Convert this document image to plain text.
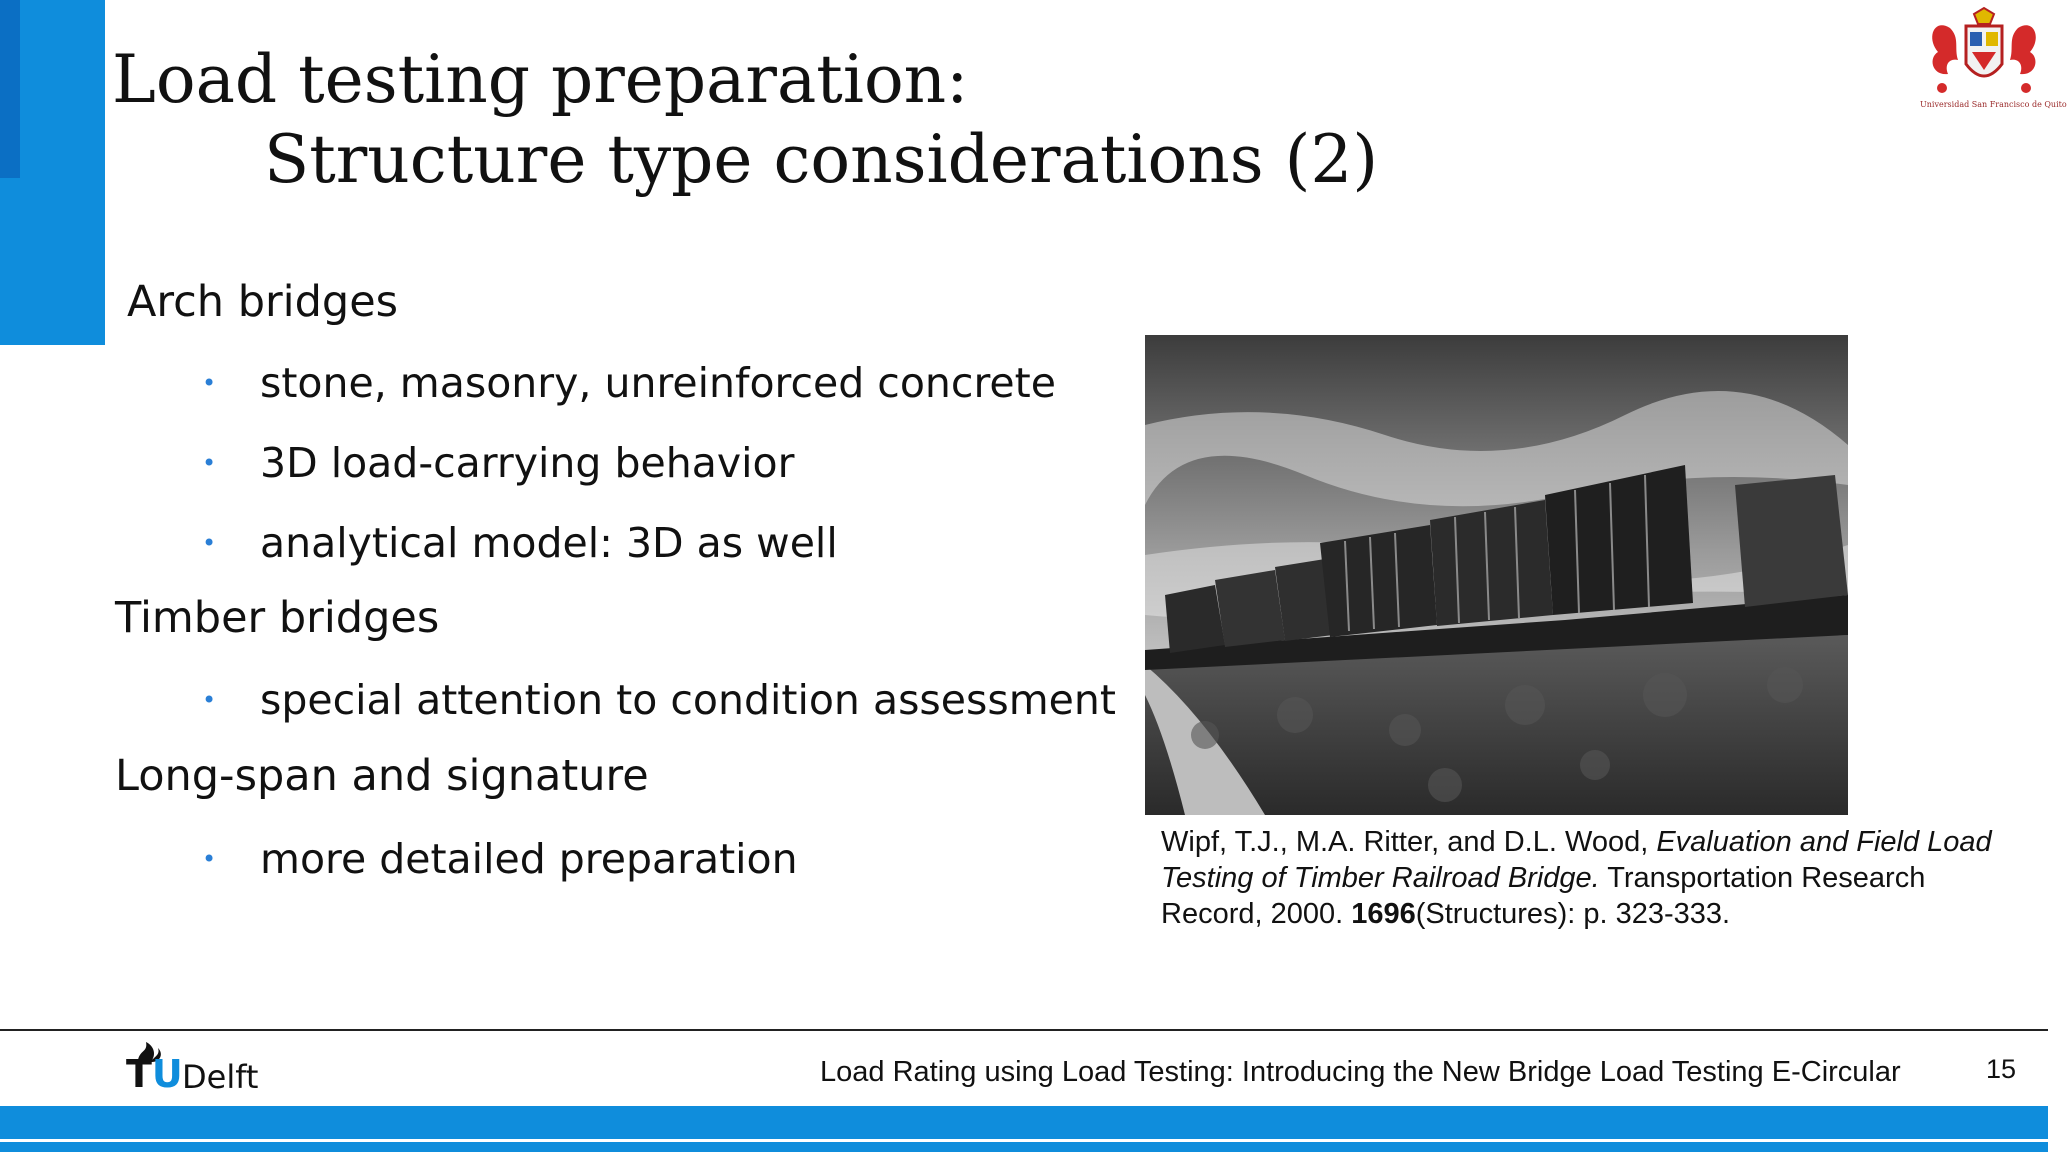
Load testing preparation:
Structure type considerations (2)
Universidad San Francisco de Quito
Arch bridges
• stone, masonry, unreinforced concrete
• 3D load-carrying behavior
• analytical model: 3D as well
Timber bridges
• special attention to condition assessment
Long-span and signature
• more detailed preparation	Wipf, T.J., M.A. Ritter, and D.L. Wood, Evaluation and Field Load Testing of Timber Railroad Bridge. Transportation Research Record, 2000. 1696(Structures): p. 323-333.
TU Delft	Load Rating using Load Testing: Introducing the New Bridge Load Testing E-Circular	15
